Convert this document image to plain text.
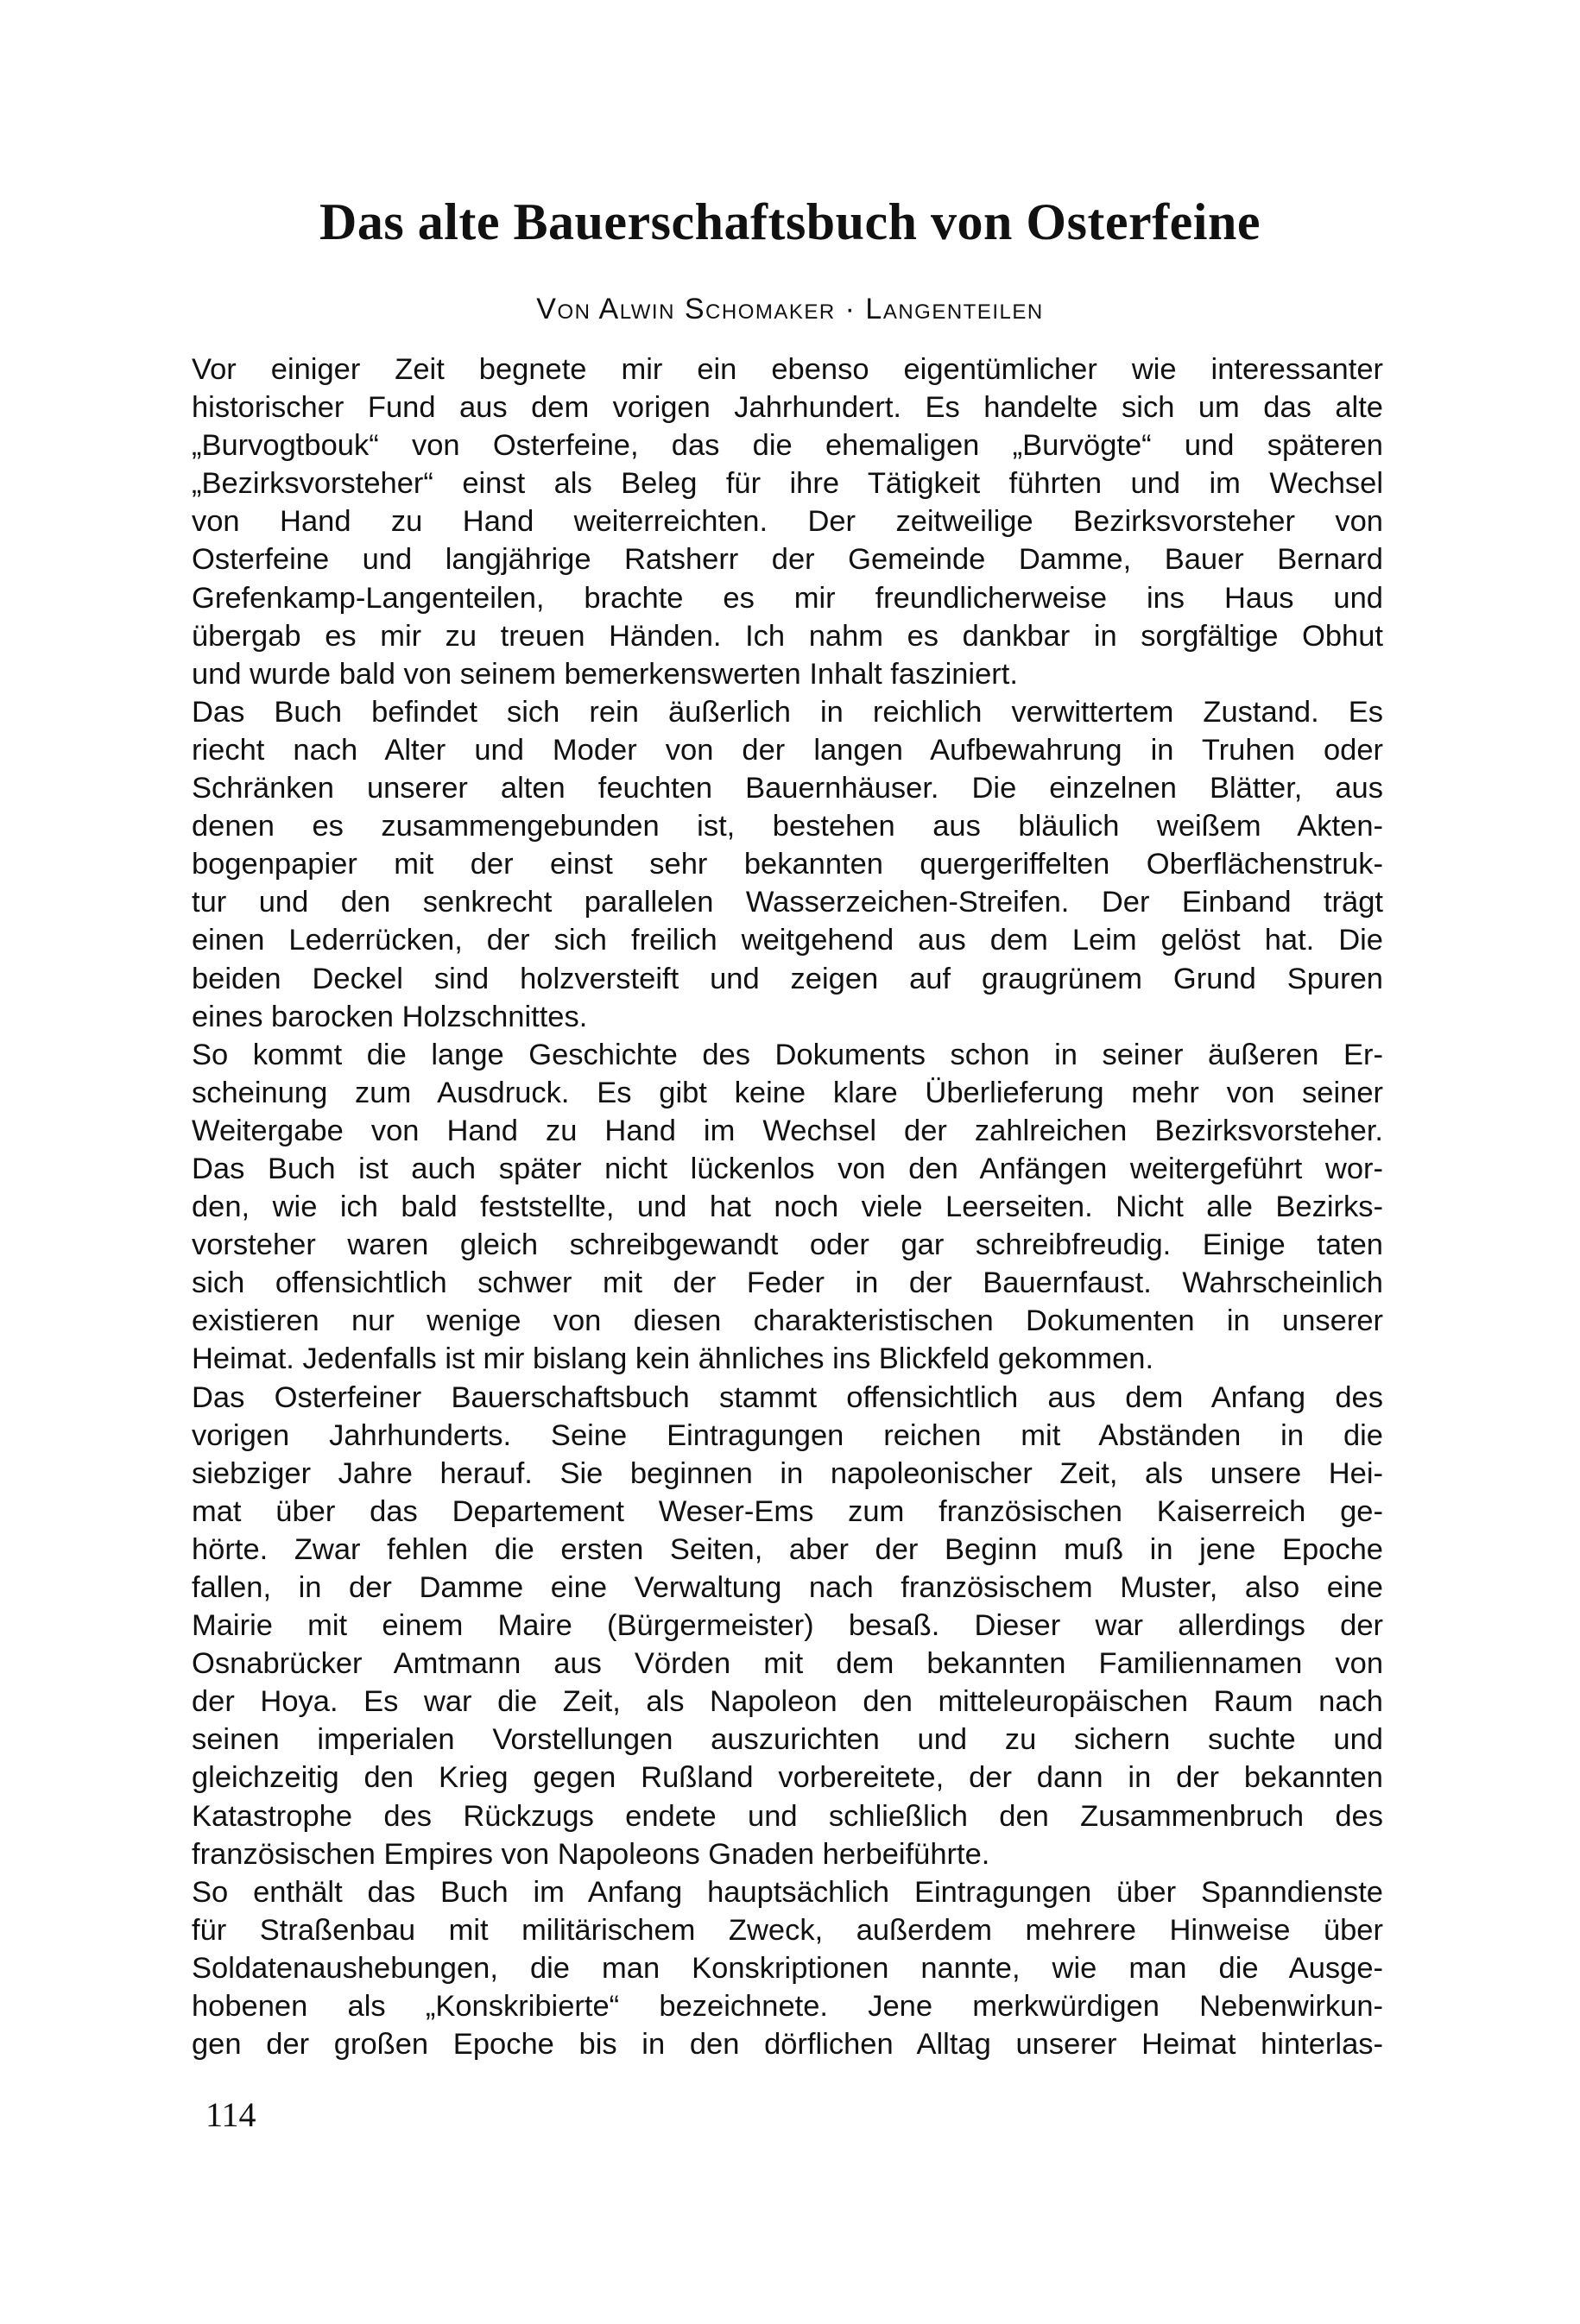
Das alte Bauerschaftsbuch von Osterfeine

Von Alwin Schomaker · Langenteilen

Vor einiger Zeit begnete mir ein ebenso eigentümlicher wie interessanter
historischer Fund aus dem vorigen Jahrhundert. Es handelte sich um das alte
„Burvogtbouk“ von Osterfeine, das die ehemaligen „Burvögte“ und späteren
„Bezirksvorsteher“ einst als Beleg für ihre Tätigkeit führten und im Wechsel
von Hand zu Hand weiterreichten. Der zeitweilige Bezirksvorsteher von
Osterfeine und langjährige Ratsherr der Gemeinde Damme, Bauer Bernard
Grefenkamp-Langenteilen, brachte es mir freundlicherweise ins Haus und
übergab es mir zu treuen Händen. Ich nahm es dankbar in sorgfältige Obhut
und wurde bald von seinem bemerkenswerten Inhalt fasziniert.
Das Buch befindet sich rein äußerlich in reichlich verwittertem Zustand. Es
riecht nach Alter und Moder von der langen Aufbewahrung in Truhen oder
Schränken unserer alten feuchten Bauernhäuser. Die einzelnen Blätter, aus
denen es zusammengebunden ist, bestehen aus bläulich weißem Akten-
bogenpapier mit der einst sehr bekannten quergeriffelten Oberflächenstruk-
tur und den senkrecht parallelen Wasserzeichen-Streifen. Der Einband trägt
einen Lederrücken, der sich freilich weitgehend aus dem Leim gelöst hat. Die
beiden Deckel sind holzversteift und zeigen auf graugrünem Grund Spuren
eines barocken Holzschnittes.
So kommt die lange Geschichte des Dokuments schon in seiner äußeren Er-
scheinung zum Ausdruck. Es gibt keine klare Überlieferung mehr von seiner
Weitergabe von Hand zu Hand im Wechsel der zahlreichen Bezirksvorsteher.
Das Buch ist auch später nicht lückenlos von den Anfängen weitergeführt wor-
den, wie ich bald feststellte, und hat noch viele Leerseiten. Nicht alle Bezirks-
vorsteher waren gleich schreibgewandt oder gar schreibfreudig. Einige taten
sich offensichtlich schwer mit der Feder in der Bauernfaust. Wahrscheinlich
existieren nur wenige von diesen charakteristischen Dokumenten in unserer
Heimat. Jedenfalls ist mir bislang kein ähnliches ins Blickfeld gekommen.
Das Osterfeiner Bauerschaftsbuch stammt offensichtlich aus dem Anfang des
vorigen Jahrhunderts. Seine Eintragungen reichen mit Abständen in die
siebziger Jahre herauf. Sie beginnen in napoleonischer Zeit, als unsere Hei-
mat über das Departement Weser-Ems zum französischen Kaiserreich ge-
hörte. Zwar fehlen die ersten Seiten, aber der Beginn muß in jene Epoche
fallen, in der Damme eine Verwaltung nach französischem Muster, also eine
Mairie mit einem Maire (Bürgermeister) besaß. Dieser war allerdings der
Osnabrücker Amtmann aus Vörden mit dem bekannten Familiennamen von
der Hoya. Es war die Zeit, als Napoleon den mitteleuropäischen Raum nach
seinen imperialen Vorstellungen auszurichten und zu sichern suchte und
gleichzeitig den Krieg gegen Rußland vorbereitete, der dann in der bekannten
Katastrophe des Rückzugs endete und schließlich den Zusammenbruch des
französischen Empires von Napoleons Gnaden herbeiführte.
So enthält das Buch im Anfang hauptsächlich Eintragungen über Spanndienste
für Straßenbau mit militärischem Zweck, außerdem mehrere Hinweise über
Soldatenaushebungen, die man Konskriptionen nannte, wie man die Ausge-
hobenen als „Konskribierte“ bezeichnete. Jene merkwürdigen Nebenwirkun-
gen der großen Epoche bis in den dörflichen Alltag unserer Heimat hinterlas-

114
